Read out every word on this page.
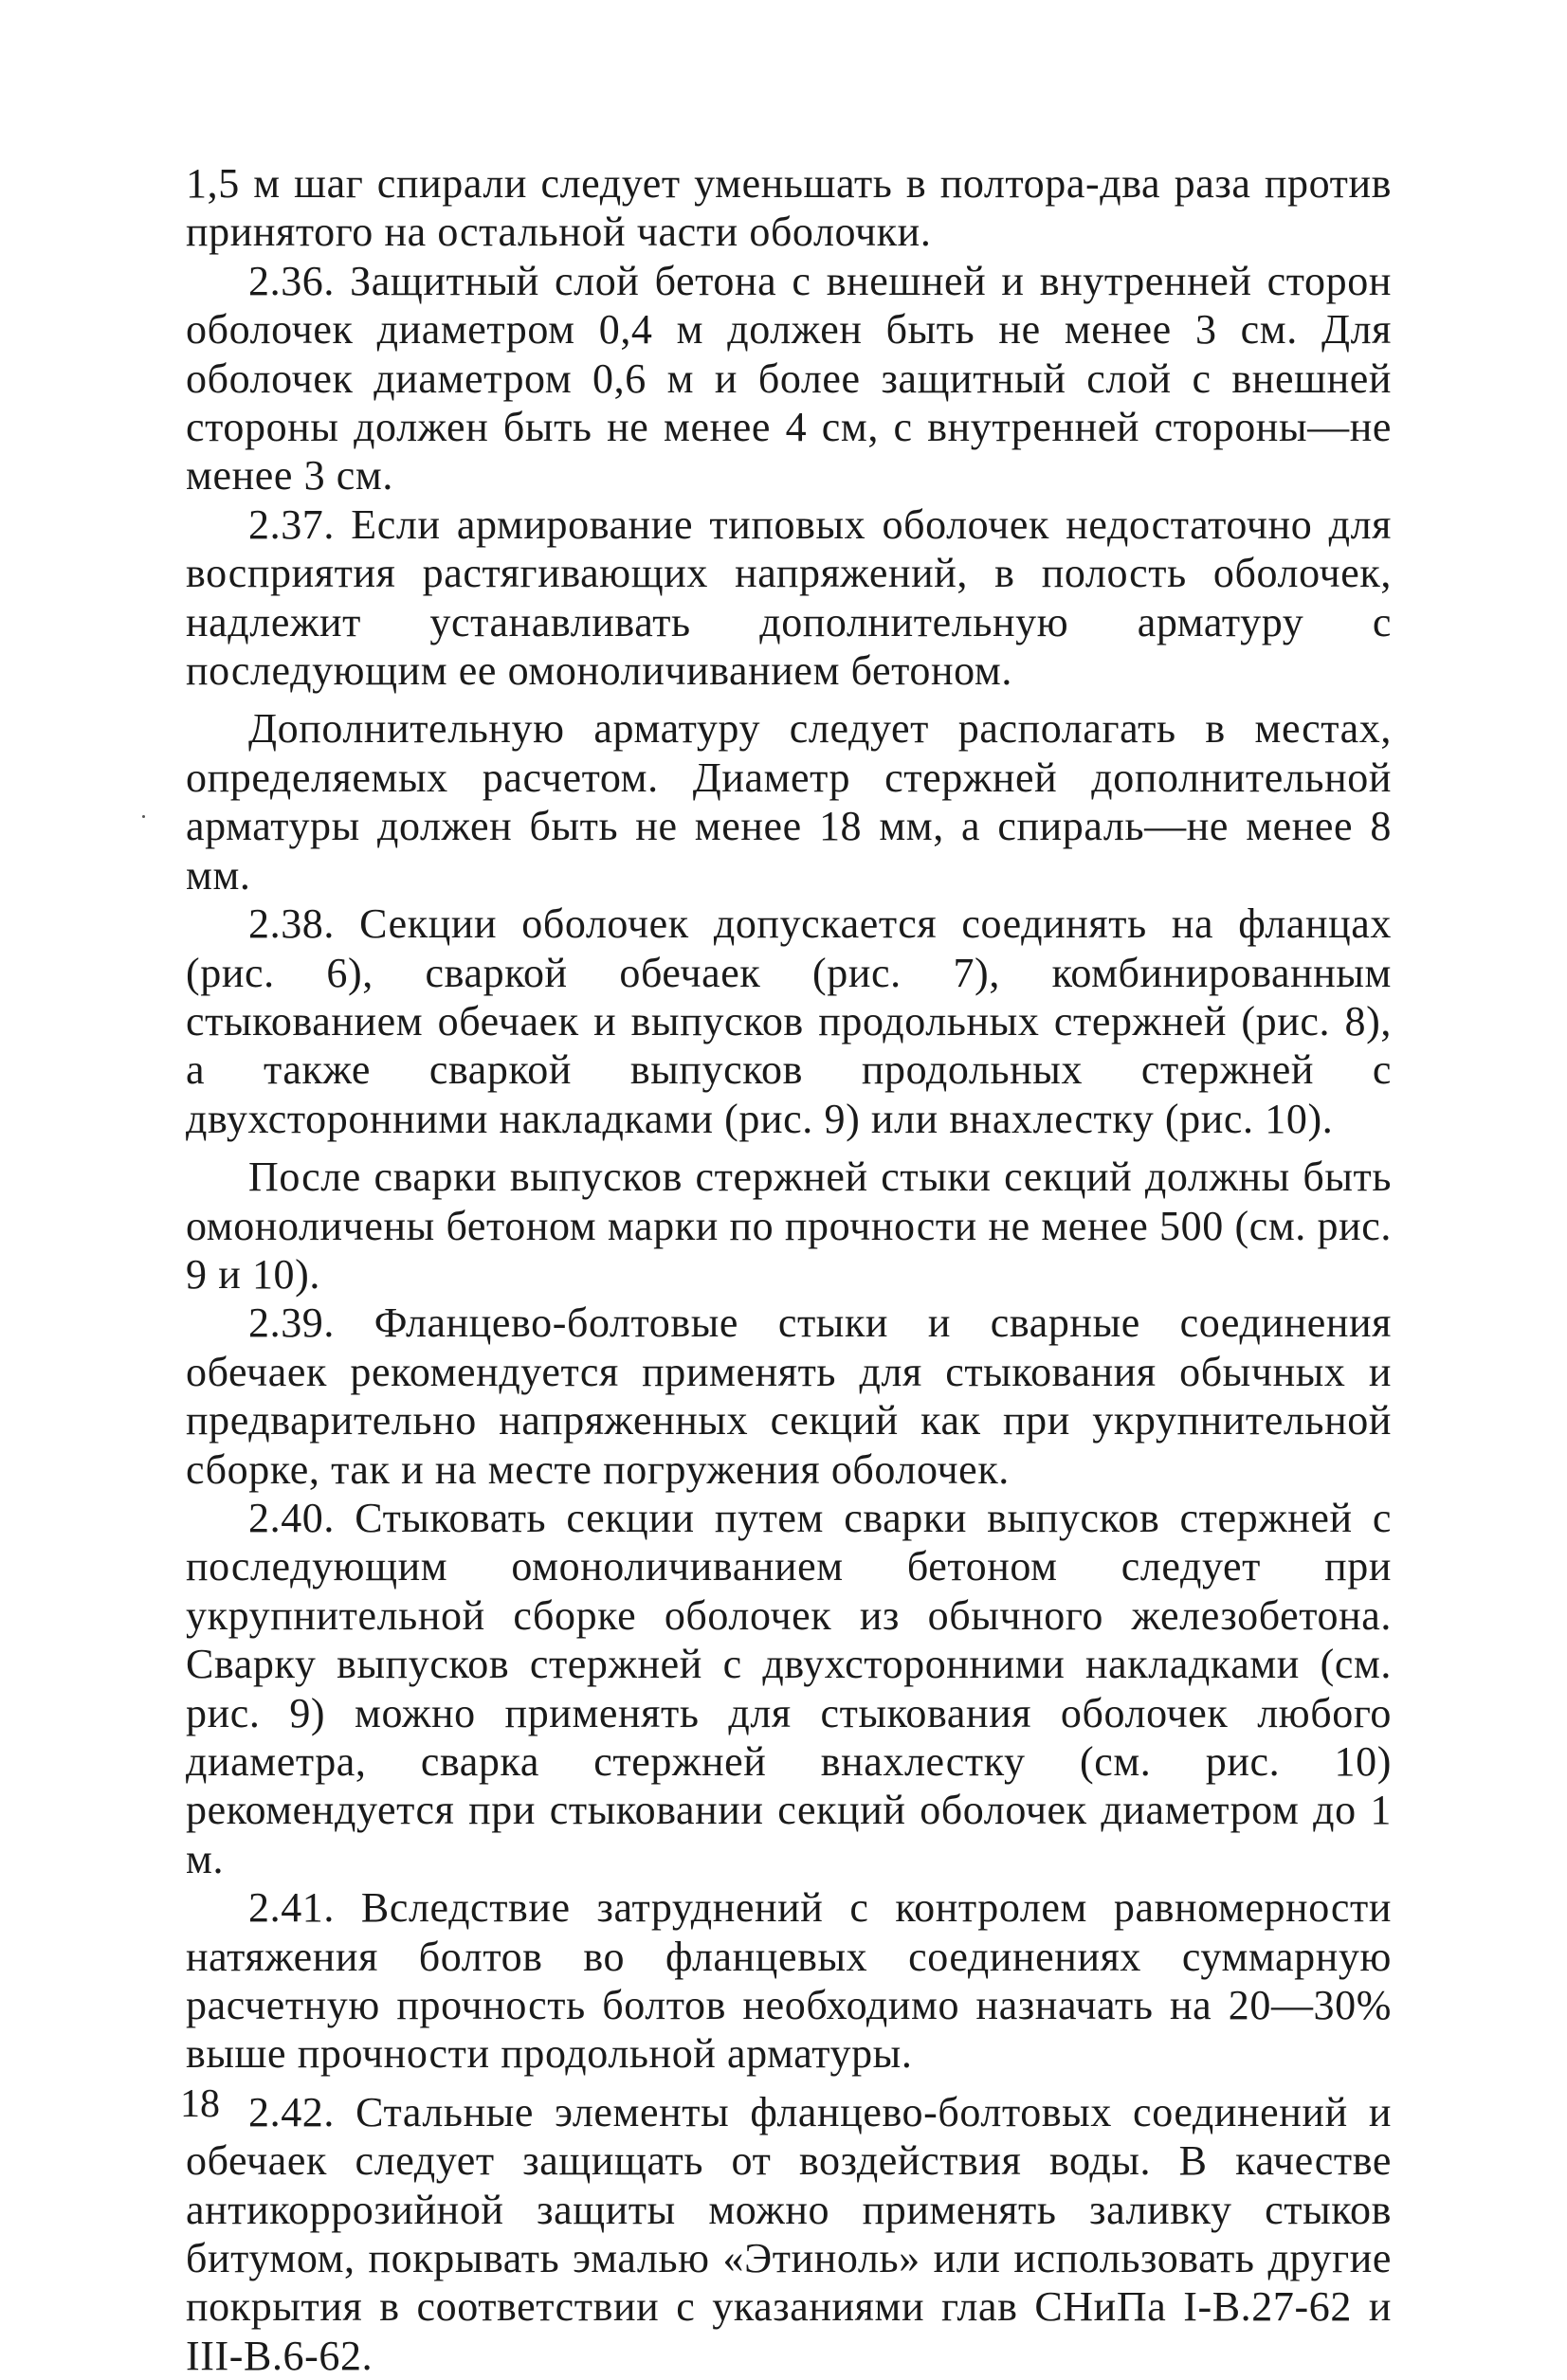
1,5 м шаг спирали следует уменьшать в полтора-два раза против принятого на остальной части оболочки.

2.36. Защитный слой бетона с внешней и внутренней сторон оболочек диаметром 0,4 м должен быть не менее 3 см. Для оболочек диаметром 0,6 м и более защитный слой с внешней стороны должен быть не менее 4 см, с внутренней стороны—не менее 3 см.

2.37. Если армирование типовых оболочек недостаточно для восприятия растягивающих напряжений, в полость оболочек, надлежит устанавливать дополнительную арматуру с последующим ее омоноличиванием бетоном.

Дополнительную арматуру следует располагать в местах, определяемых расчетом. Диаметр стержней дополнительной арматуры должен быть не менее 18 мм, а спираль—не менее 8 мм.

2.38. Секции оболочек допускается соединять на фланцах (рис. 6), сваркой обечаек (рис. 7), комбинированным стыкованием обечаек и выпусков продольных стержней (рис. 8), а также сваркой выпусков продольных стержней с двухсторонними накладками (рис. 9) или внахлестку (рис. 10).

После сварки выпусков стержней стыки секций должны быть омоноличены бетоном марки по прочности не менее 500 (см. рис. 9 и 10).

2.39. Фланцево-болтовые стыки и сварные соединения обечаек рекомендуется применять для стыкования обычных и предварительно напряженных секций как при укрупнительной сборке, так и на месте погружения оболочек.

2.40. Стыковать секции путем сварки выпусков стержней с последующим омоноличиванием бетоном следует при укрупнительной сборке оболочек из обычного железобетона. Сварку выпусков стержней с двухсторонними накладками (см. рис. 9) можно применять для стыкования оболочек любого диаметра, сварка стержней внахлестку (см. рис. 10) рекомендуется при стыковании секций оболочек диаметром до 1 м.

2.41. Вследствие затруднений с контролем равномерности натяжения болтов во фланцевых соединениях суммарную расчетную прочность болтов необходимо назначать на 20—30% выше прочности продольной арматуры.

2.42. Стальные элементы фланцево-болтовых соединений и обечаек следует защищать от воздействия воды. В качестве антикоррозийной защиты можно применять заливку стыков битумом, покрывать эмалью «Этиноль» или использовать другие покрытия в соответствии с указаниями глав СНиПа I-В.27-62 и III-В.6-62.

18
